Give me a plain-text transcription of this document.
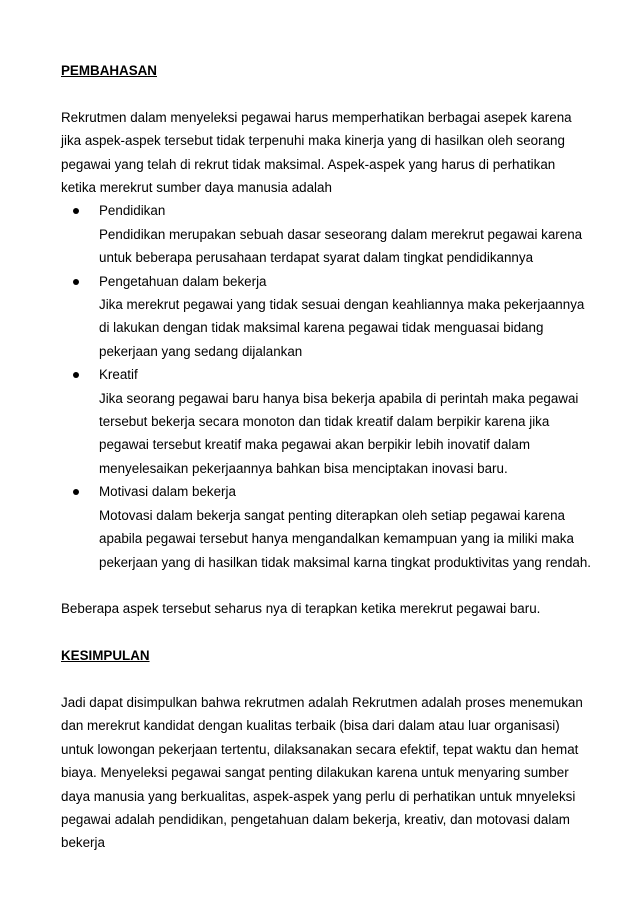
PEMBAHASAN

Rekrutmen dalam menyeleksi pegawai harus memperhatikan berbagai asepek karena jika aspek-aspek tersebut tidak terpenuhi maka kinerja yang di hasilkan oleh seorang pegawai yang telah di rekrut tidak maksimal. Aspek-aspek yang harus di perhatikan ketika merekrut sumber daya manusia adalah

Pendidikan
Pendidikan merupakan sebuah dasar seseorang dalam merekrut pegawai karena untuk beberapa perusahaan terdapat syarat dalam tingkat pendidikannya
Pengetahuan dalam bekerja
Jika merekrut pegawai yang tidak sesuai dengan keahliannya maka pekerjaannya di lakukan dengan tidak maksimal karena pegawai tidak menguasai bidang pekerjaan yang sedang dijalankan
Kreatif
Jika seorang pegawai baru hanya bisa bekerja apabila di perintah maka pegawai tersebut bekerja secara monoton dan tidak kreatif dalam berpikir karena jika pegawai tersebut kreatif maka pegawai akan berpikir lebih inovatif dalam menyelesaikan pekerjaannya bahkan bisa menciptakan inovasi baru.
Motivasi dalam bekerja
Motovasi dalam bekerja sangat penting diterapkan oleh setiap pegawai karena apabila pegawai tersebut hanya mengandalkan kemampuan yang ia miliki maka pekerjaan yang di hasilkan tidak maksimal karna tingkat produktivitas yang rendah.

Beberapa aspek tersebut seharus nya di terapkan ketika merekrut pegawai baru.

KESIMPULAN

Jadi dapat disimpulkan bahwa rekrutmen adalah Rekrutmen adalah proses menemukan dan merekrut kandidat dengan kualitas terbaik (bisa dari dalam atau luar organisasi) untuk lowongan pekerjaan tertentu, dilaksanakan secara efektif, tepat waktu dan hemat biaya. Menyeleksi pegawai sangat penting dilakukan karena untuk menyaring sumber daya manusia yang berkualitas, aspek-aspek yang perlu di perhatikan untuk mnyeleksi pegawai adalah pendidikan, pengetahuan dalam bekerja, kreativ, dan motovasi dalam bekerja
